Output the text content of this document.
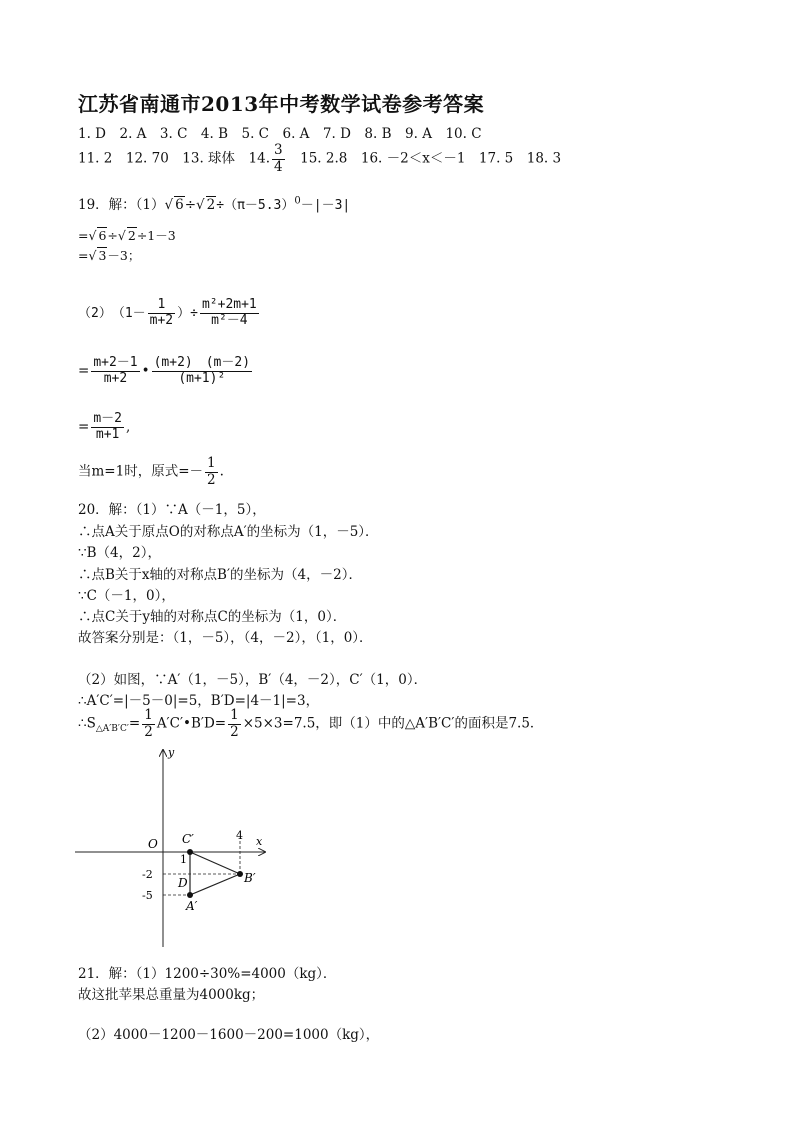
江苏省南通市2013年中考数学试卷参考答案
1. D　2. A　3. C　4. B　5. C　6. A　7. D　8. B　9. A　10. C
11. 2　12. 70　13. 球体　14. $\frac{3}{4}$
　 15. 2.8　16. －2＜x＜－1　17. 5　18. 3
19．解：（1）√ 6÷√ $2\div(\pi-5.3)^0-|-3|$
=√ 6÷√ 2÷1－3
=√ 3－3；
（2）　（$1- \frac{1}{m+2}$ ）÷ $\frac{\text{m²+2m+1}}{\text{m²－4}}$
= $\frac{m+2-1}{m+2}$ • $\frac{(m+2) (m-2)}{\text{(m+1)²}}$
= $\frac{m-2}{m+1}$ ,
当m=1时，原式=－ $\frac{1}{2}$ .
20．解：（1）∵A（－1，5），
∴点A关于原点O的对称点A′的坐标为（1，－5）．
∵B（4，2），
∴点B关于x轴的对称点B′的坐标为（4，－2）．
∵C（－1，0），
∴点C关于y轴的对称点C的坐标为（1，0）．
故答案分别是：（1，－5），（4，－2），（1，0）．
（2）如图，∵A′（1，－5），B′（4，－2），C′（1，0）．
∴A′C′=|－5－0|=5，B′D=|4－1|=3，
$\therefore S_{\triangle A'B'C'}= \frac{1}{2}$ A′C′•B′D= $\frac{1}{2} \times 5\times 3=7.5$，即（1）中的△A′B′C′的面积是7.5．
y
x
O C′	4
1
D	B′
A′
-2
-5
21．解：（1）1200÷30%=4000（kg）．
故这批苹果总重量为4000kg；
（2）4000－1200－1600－200=1000（kg），
